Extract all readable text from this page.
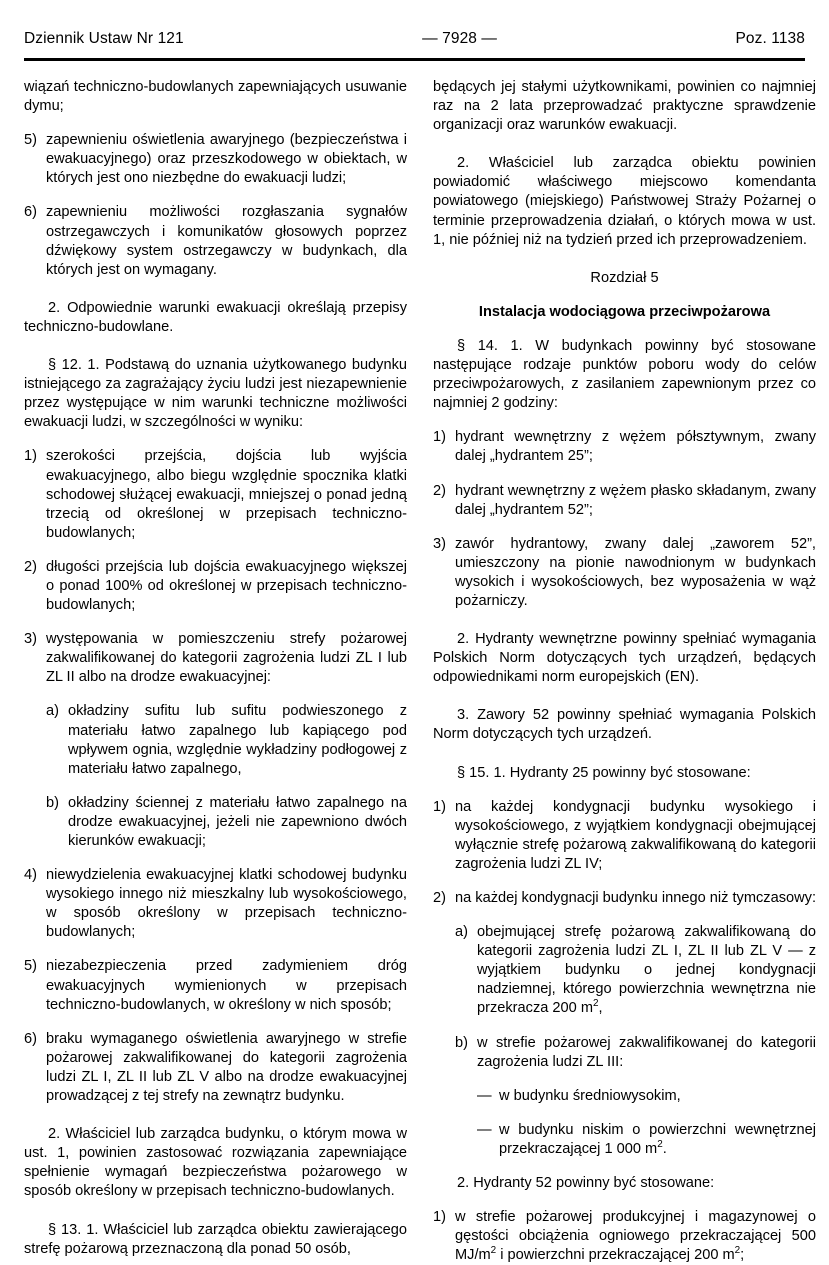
Dziennik Ustaw Nr 121	— 7928 —	Poz. 1138
wiązań techniczno-budowlanych zapewniających usuwanie dymu;
5) zapewnieniu oświetlenia awaryjnego (bezpieczeństwa i ewakuacyjnego) oraz przeszkodowego w obiektach, w których jest ono niezbędne do ewakuacji ludzi;
6) zapewnieniu możliwości rozgłaszania sygnałów ostrzegawczych i komunikatów głosowych poprzez dźwiękowy system ostrzegawczy w budynkach, dla których jest on wymagany.
2. Odpowiednie warunki ewakuacji określają przepisy techniczno-budowlane.
§ 12. 1. Podstawą do uznania użytkowanego budynku istniejącego za zagrażający życiu ludzi jest niezapewnienie przez występujące w nim warunki techniczne możliwości ewakuacji ludzi, w szczególności w wyniku:
1) szerokości przejścia, dojścia lub wyjścia ewakuacyjnego, albo biegu względnie spocznika klatki schodowej służącej ewakuacji, mniejszej o ponad jedną trzecią od określonej w przepisach techniczno-budowlanych;
2) długości przejścia lub dojścia ewakuacyjnego większej o ponad 100% od określonej w przepisach techniczno-budowlanych;
3) występowania w pomieszczeniu strefy pożarowej zakwalifikowanej do kategorii zagrożenia ludzi ZL I lub ZL II albo na drodze ewakuacyjnej:
a) okładziny sufitu lub sufitu podwieszonego z materiału łatwo zapalnego lub kapiącego pod wpływem ognia, względnie wykładziny podłogowej z materiału łatwo zapalnego,
b) okładziny ściennej z materiału łatwo zapalnego na drodze ewakuacyjnej, jeżeli nie zapewniono dwóch kierunków ewakuacji;
4) niewydzielenia ewakuacyjnej klatki schodowej budynku wysokiego innego niż mieszkalny lub wysokościowego, w sposób określony w przepisach techniczno-budowlanych;
5) niezabezpieczenia przed zadymieniem dróg ewakuacyjnych wymienionych w przepisach techniczno-budowlanych, w określony w nich sposób;
6) braku wymaganego oświetlenia awaryjnego w strefie pożarowej zakwalifikowanej do kategorii zagrożenia ludzi ZL I, ZL II lub ZL V albo na drodze ewakuacyjnej prowadzącej z tej strefy na zewnątrz budynku.
2. Właściciel lub zarządca budynku, o którym mowa w ust. 1, powinien zastosować rozwiązania zapewniające spełnienie wymagań bezpieczeństwa pożarowego w sposób określony w przepisach techniczno-budowlanych.
§ 13. 1. Właściciel lub zarządca obiektu zawierającego strefę pożarową przeznaczoną dla ponad 50 osób,
będących jej stałymi użytkownikami, powinien co najmniej raz na 2 lata przeprowadzać praktyczne sprawdzenie organizacji oraz warunków ewakuacji.
2. Właściciel lub zarządca obiektu powinien powiadomić właściwego miejscowo komendanta powiatowego (miejskiego) Państwowej Straży Pożarnej o terminie przeprowadzenia działań, o których mowa w ust. 1, nie później niż na tydzień przed ich przeprowadzeniem.
Rozdział 5
Instalacja wodociągowa przeciwpożarowa
§ 14. 1. W budynkach powinny być stosowane następujące rodzaje punktów poboru wody do celów przeciwpożarowych, z zasilaniem zapewnionym przez co najmniej 2 godziny:
1) hydrant wewnętrzny z wężem półsztywnym, zwany dalej „hydrantem 25”;
2) hydrant wewnętrzny z wężem płasko składanym, zwany dalej „hydrantem 52”;
3) zawór hydrantowy, zwany dalej „zaworem 52”, umieszczony na pionie nawodnionym w budynkach wysokich i wysokościowych, bez wyposażenia w wąż pożarniczy.
2. Hydranty wewnętrzne powinny spełniać wymagania Polskich Norm dotyczących tych urządzeń, będących odpowiednikami norm europejskich (EN).
3. Zawory 52 powinny spełniać wymagania Polskich Norm dotyczących tych urządzeń.
§ 15. 1. Hydranty 25 powinny być stosowane:
1) na każdej kondygnacji budynku wysokiego i wysokościowego, z wyjątkiem kondygnacji obejmującej wyłącznie strefę pożarową zakwalifikowaną do kategorii zagrożenia ludzi ZL IV;
2) na każdej kondygnacji budynku innego niż tymczasowy:
a) obejmującej strefę pożarową zakwalifikowaną do kategorii zagrożenia ludzi ZL I, ZL II lub ZL V — z wyjątkiem budynku o jednej kondygnacji nadziemnej, którego powierzchnia wewnętrzna nie przekracza 200 $m^2$,
b) w strefie pożarowej zakwalifikowanej do kategorii zagrożenia ludzi ZL III:
— w budynku średniowysokim,
— w budynku niskim o powierzchni wewnętrznej przekraczającej 1 000 $m^2$.
2. Hydranty 52 powinny być stosowane:
1) w strefie pożarowej produkcyjnej i magazynowej o gęstości obciążenia ogniowego przekraczającej 500 $MJ/m^2$ i powierzchni przekraczającej 200 $m^2$;
